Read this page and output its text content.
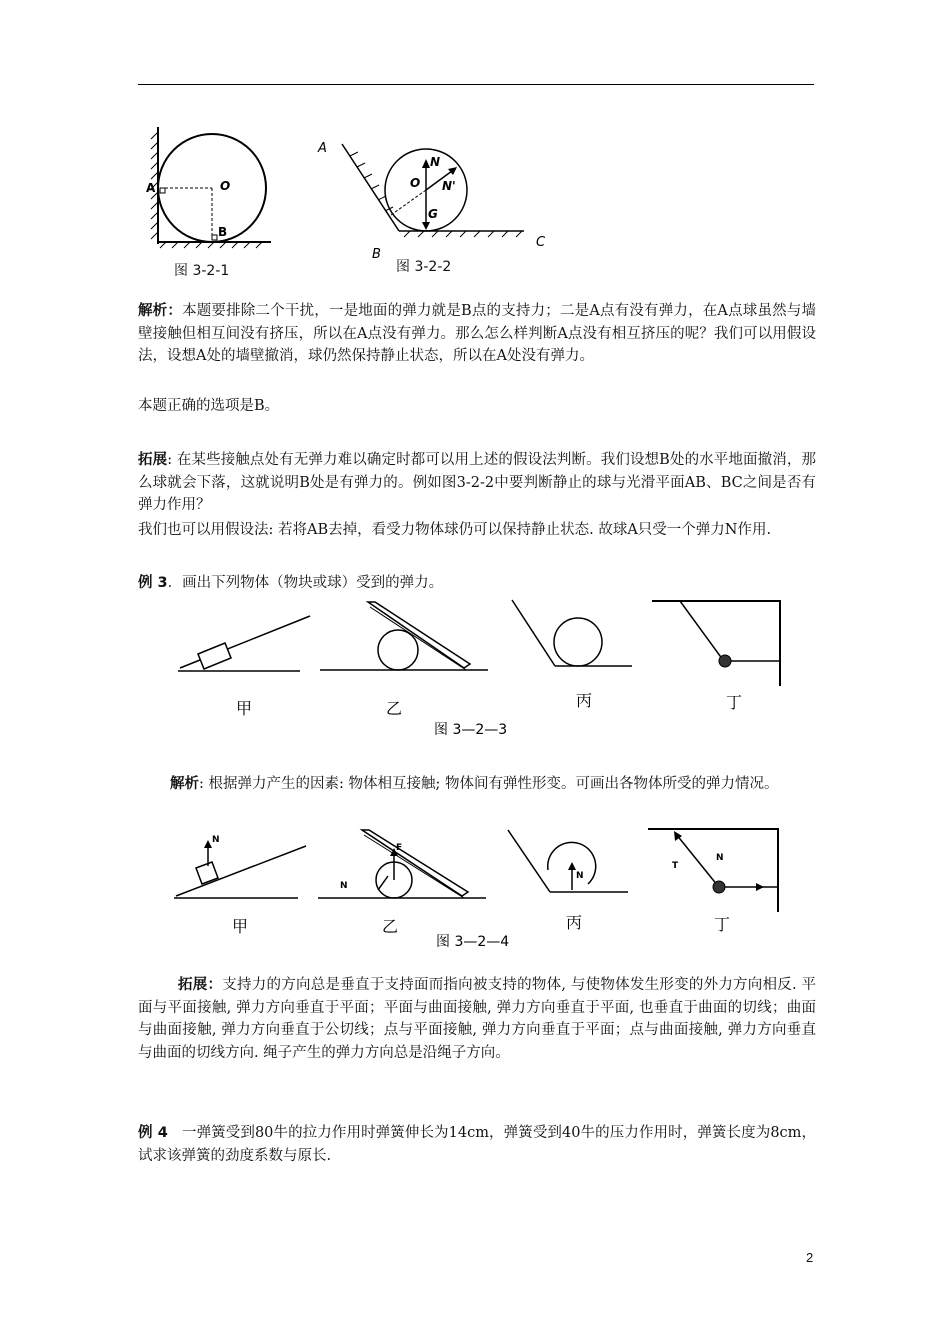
A	O
B
图 3-2-1
A
B
C
O
N
N'
G
图 3-2-2
解析：本题要排除二个干扰，一是地面的弹力就是B点的支持力；二是A点有没有弹力，在A点球虽然与墙壁接触但相互间没有挤压，所以在A点没有弹力。那么怎么样判断A点没有相互挤压的呢？我们可以用假设法，设想A处的墙壁撤消，球仍然保持静止状态，所以在A处没有弹力。
本题正确的选项是B。
拓展: 在某些接触点处有无弹力难以确定时都可以用上述的假设法判断。我们设想B处的水平地面撤消，那么球就会下落，这就说明B处是有弹力的。例如图3-2-2中要判断静止的球与光滑平面AB、BC之间是否有弹力作用？
我们也可以用假设法: 若将AB去掉，看受力物体球仍可以保持静止状态. 故球A只受一个弹力N作用.
例 3．画出下列物体（物块或球）受到的弹力。
甲	乙	丙	丁
图 3—2—3
解析: 根据弹力产生的因素: 物体相互接触; 物体间有弹性形变。可画出各物体所受的弹力情况。
N
甲
F
N
乙
N
丙
T
N
丁
图 3—2—4
拓展：支持力的方向总是垂直于支持面而指向被支持的物体, 与使物体发生形变的外力方向相反. 平面与平面接触, 弹力方向垂直于平面；平面与曲面接触, 弹力方向垂直于平面, 也垂直于曲面的切线；曲面与曲面接触, 弹力方向垂直于公切线；点与平面接触, 弹力方向垂直于平面；点与曲面接触, 弹力方向垂直与曲面的切线方向. 绳子产生的弹力方向总是沿绳子方向。
例 4 一弹簧受到80牛的拉力作用时弹簧伸长为14cm，弹簧受到40牛的压力作用时，弹簧长度为8cm，试求该弹簧的劲度系数与原长.
2
